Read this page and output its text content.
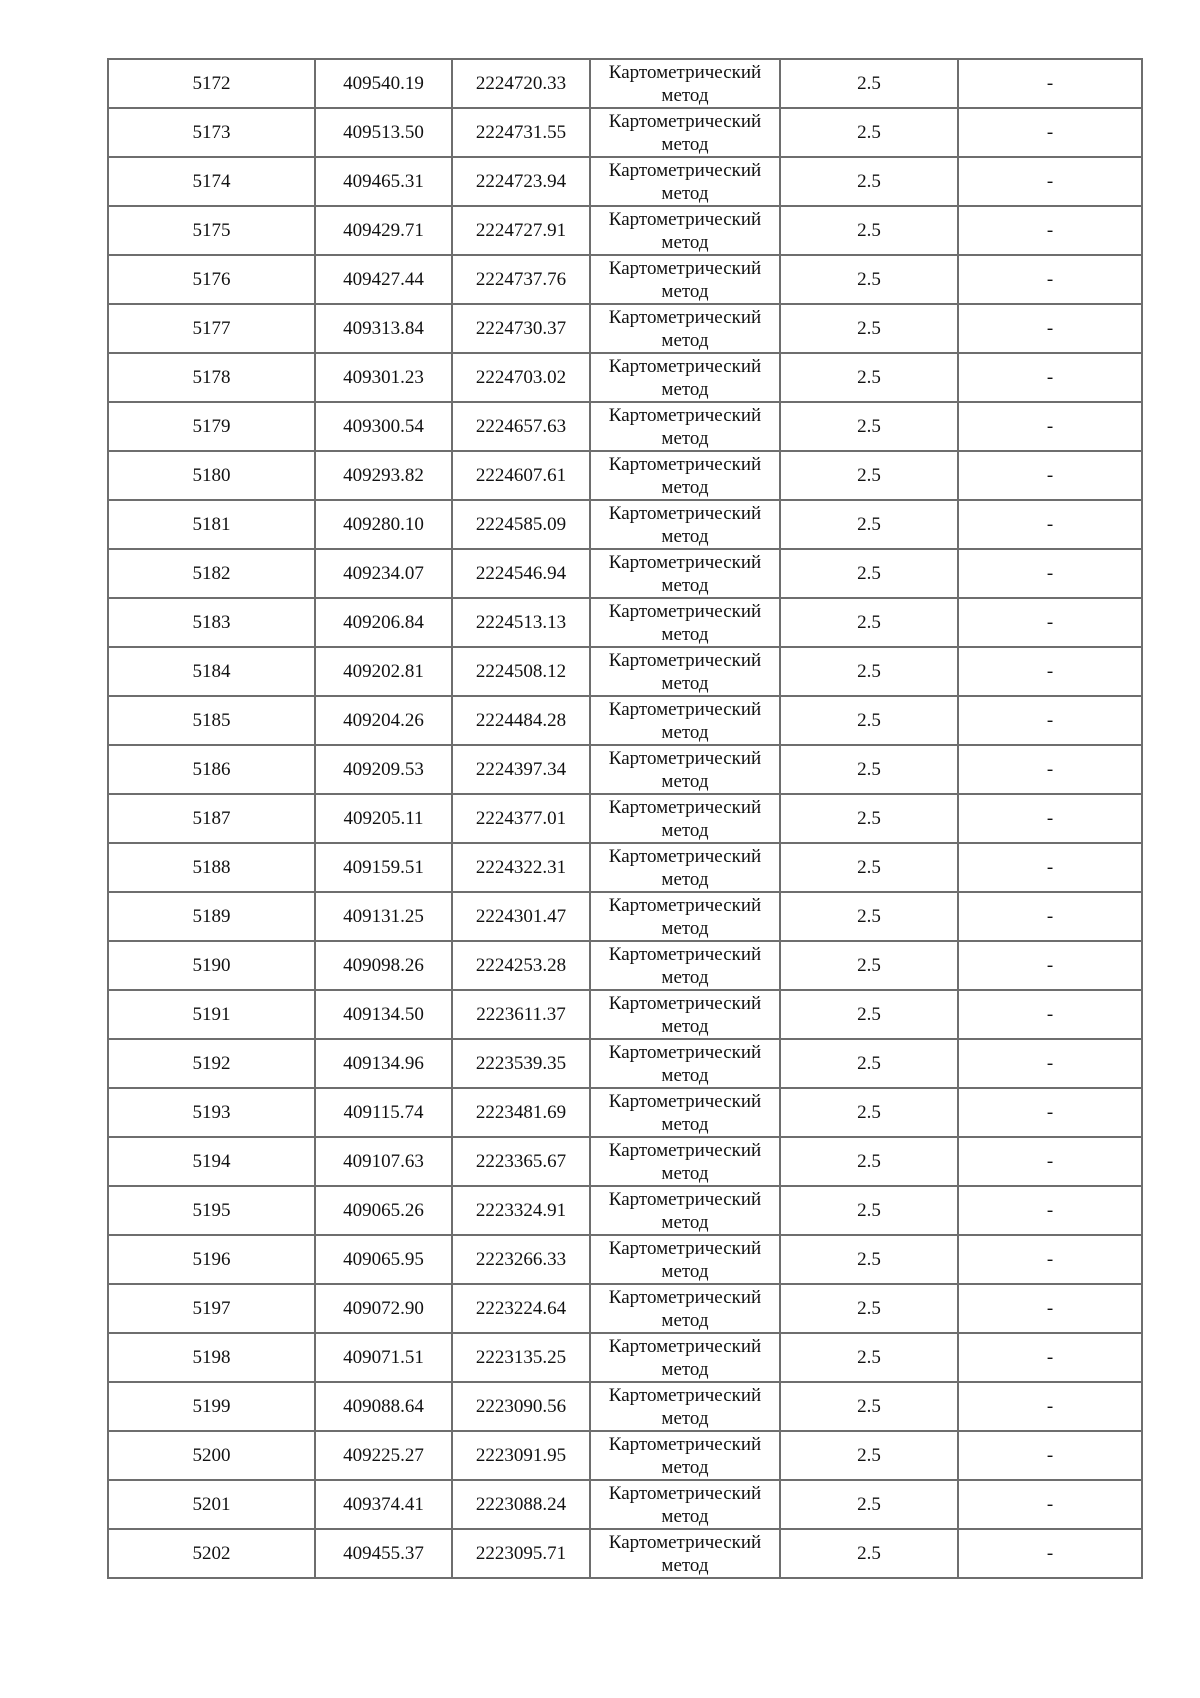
5172	409540.19	2224720.33	Картометрический метод	2.5	-
5173	409513.50	2224731.55	Картометрический метод	2.5	-
5174	409465.31	2224723.94	Картометрический метод	2.5	-
5175	409429.71	2224727.91	Картометрический метод	2.5	-
5176	409427.44	2224737.76	Картометрический метод	2.5	-
5177	409313.84	2224730.37	Картометрический метод	2.5	-
5178	409301.23	2224703.02	Картометрический метод	2.5	-
5179	409300.54	2224657.63	Картометрический метод	2.5	-
5180	409293.82	2224607.61	Картометрический метод	2.5	-
5181	409280.10	2224585.09	Картометрический метод	2.5	-
5182	409234.07	2224546.94	Картометрический метод	2.5	-
5183	409206.84	2224513.13	Картометрический метод	2.5	-
5184	409202.81	2224508.12	Картометрический метод	2.5	-
5185	409204.26	2224484.28	Картометрический метод	2.5	-
5186	409209.53	2224397.34	Картометрический метод	2.5	-
5187	409205.11	2224377.01	Картометрический метод	2.5	-
5188	409159.51	2224322.31	Картометрический метод	2.5	-
5189	409131.25	2224301.47	Картометрический метод	2.5	-
5190	409098.26	2224253.28	Картометрический метод	2.5	-
5191	409134.50	2223611.37	Картометрический метод	2.5	-
5192	409134.96	2223539.35	Картометрический метод	2.5	-
5193	409115.74	2223481.69	Картометрический метод	2.5	-
5194	409107.63	2223365.67	Картометрический метод	2.5	-
5195	409065.26	2223324.91	Картометрический метод	2.5	-
5196	409065.95	2223266.33	Картометрический метод	2.5	-
5197	409072.90	2223224.64	Картометрический метод	2.5	-
5198	409071.51	2223135.25	Картометрический метод	2.5	-
5199	409088.64	2223090.56	Картометрический метод	2.5	-
5200	409225.27	2223091.95	Картометрический метод	2.5	-
5201	409374.41	2223088.24	Картометрический метод	2.5	-
5202	409455.37	2223095.71	Картометрический метод	2.5	-
